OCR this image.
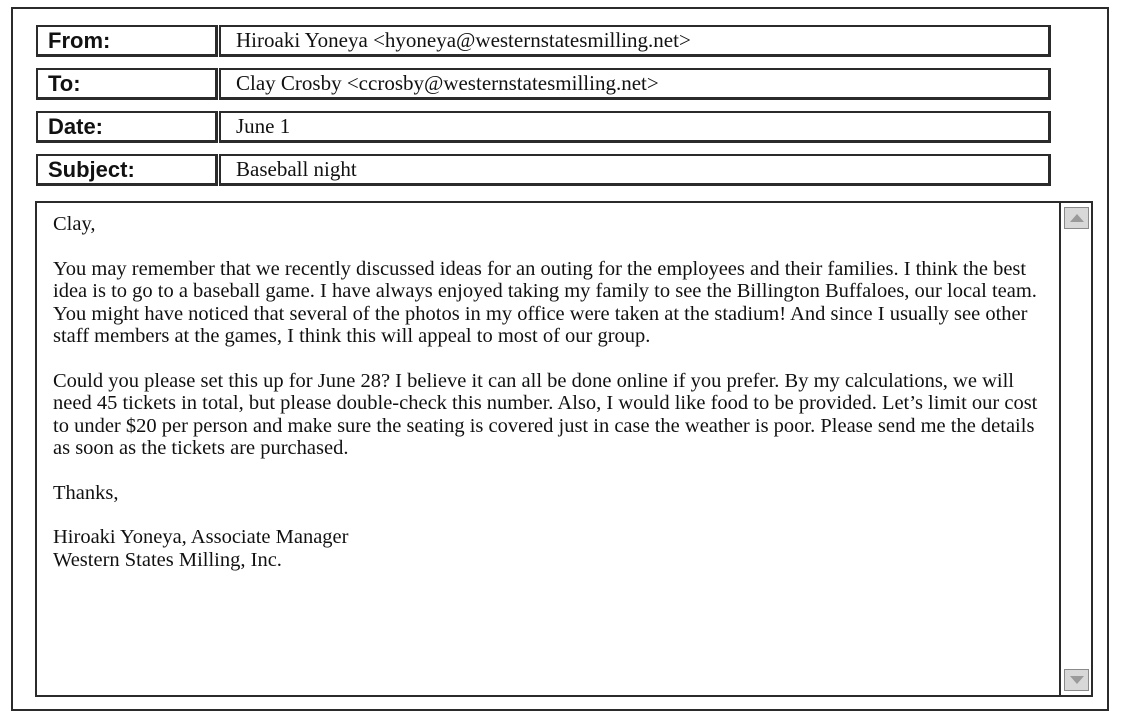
From:	Hiroaki Yoneya <hyoneya@westernstatesmilling.net>
To:	Clay Crosby <ccrosby@westernstatesmilling.net>
Date:	June 1
Subject:	Baseball night

Clay,

You may remember that we recently discussed ideas for an outing for the employees and their families. I think the best idea is to go to a baseball game. I have always enjoyed taking my family to see the Billington Buffaloes, our local team. You might have noticed that several of the photos in my office were taken at the stadium! And since I usually see other staff members at the games, I think this will appeal to most of our group.

Could you please set this up for June 28? I believe it can all be done online if you prefer. By my calculations, we will need 45 tickets in total, but please double-check this number. Also, I would like food to be provided. Let’s limit our cost to under $20 per person and make sure the seating is covered just in case the weather is poor. Please send me the details as soon as the tickets are purchased.

Thanks,

Hiroaki Yoneya, Associate Manager

Western States Milling, Inc.
